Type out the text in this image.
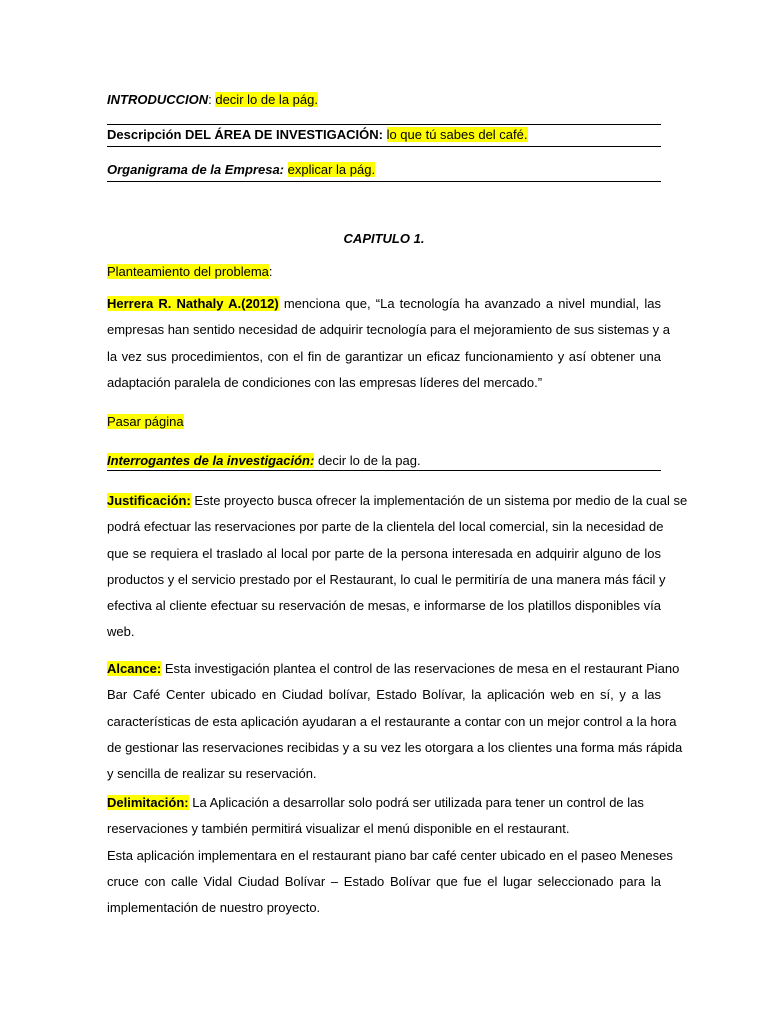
INTRODUCCION: decir lo de la pág.
Descripción DEL ÁREA DE INVESTIGACIÓN: lo que tú sabes del café.
Organigrama de la Empresa: explicar la pág.
CAPITULO 1.
Planteamiento del problema:
Herrera R. Nathaly A.(2012) menciona que, “La tecnología ha avanzado a nivel mundial, las
empresas han sentido necesidad de adquirir tecnología para el mejoramiento de sus sistemas y a
la vez sus procedimientos, con el fin de garantizar un eficaz funcionamiento y así obtener una
adaptación paralela de condiciones con las empresas líderes del mercado.”
Pasar página
Interrogantes de la investigación: decir lo de la pag.
Justificación: Este proyecto busca ofrecer la implementación de un sistema por medio de la cual se
podrá efectuar las reservaciones por parte de la clientela del local comercial, sin la necesidad de
que se requiera el traslado al local por parte de la persona interesada en adquirir alguno de los
productos y el servicio prestado por el Restaurant, lo cual le permitiría de una manera más fácil y
efectiva al cliente efectuar su reservación de mesas, e informarse de los platillos disponibles vía
web.
Alcance: Esta investigación plantea el control de las reservaciones de mesa en el restaurant Piano
Bar Café Center ubicado en Ciudad bolívar, Estado Bolívar, la aplicación web en sí, y a las
características de esta aplicación ayudaran a el restaurante a contar con un mejor control a la hora
de gestionar las reservaciones recibidas y a su vez les otorgara a los clientes una forma más rápida
y sencilla de realizar su reservación.
Delimitación: La Aplicación a desarrollar solo podrá ser utilizada para tener un control de las
reservaciones y también permitirá visualizar el menú disponible en el restaurant.
Esta aplicación implementara en el restaurant piano bar café center ubicado en el paseo Meneses
cruce con calle Vidal Ciudad Bolívar – Estado Bolívar que fue el lugar seleccionado para la
implementación de nuestro proyecto.
